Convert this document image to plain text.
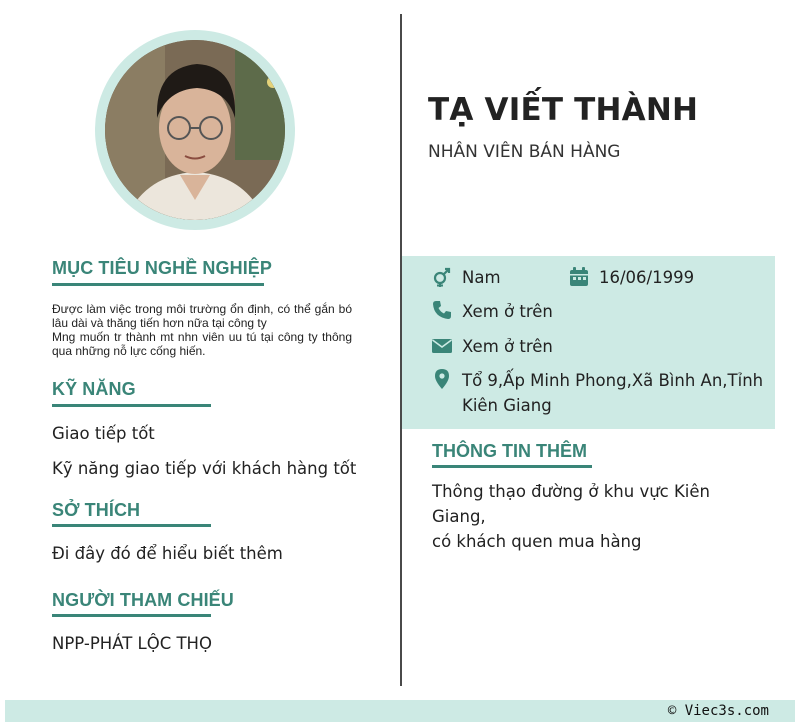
MỤC TIÊU NGHỀ NGHIỆP

Được làm việc trong môi trường ổn định, có thể gắn bó lâu dài và thăng tiến hơn nữa tại công ty

Mng muốn tr thành mt nhn viên uu tú tại công ty thông qua những nỗ lực cống hiến.

KỸ NĂNG
Giao tiếp tốt
Kỹ năng giao tiếp với khách hàng tốt
SỞ THÍCH
Đi đây đó để hiểu biết thêm
NGƯỜI THAM CHIẾU
NPP-PHÁT LỘC THỌ
TẠ VIẾT THÀNH
NHÂN VIÊN BÁN HÀNG
Nam	16/06/1999
Xem ở trên
Xem ở trên
Tổ 9,Ấp Minh Phong,Xã Bình An,Tỉnh
Kiên Giang
THÔNG TIN THÊM
Thông thạo đường ở khu vực Kiên Giang,
có khách quen mua hàng
© Viec3s.com
